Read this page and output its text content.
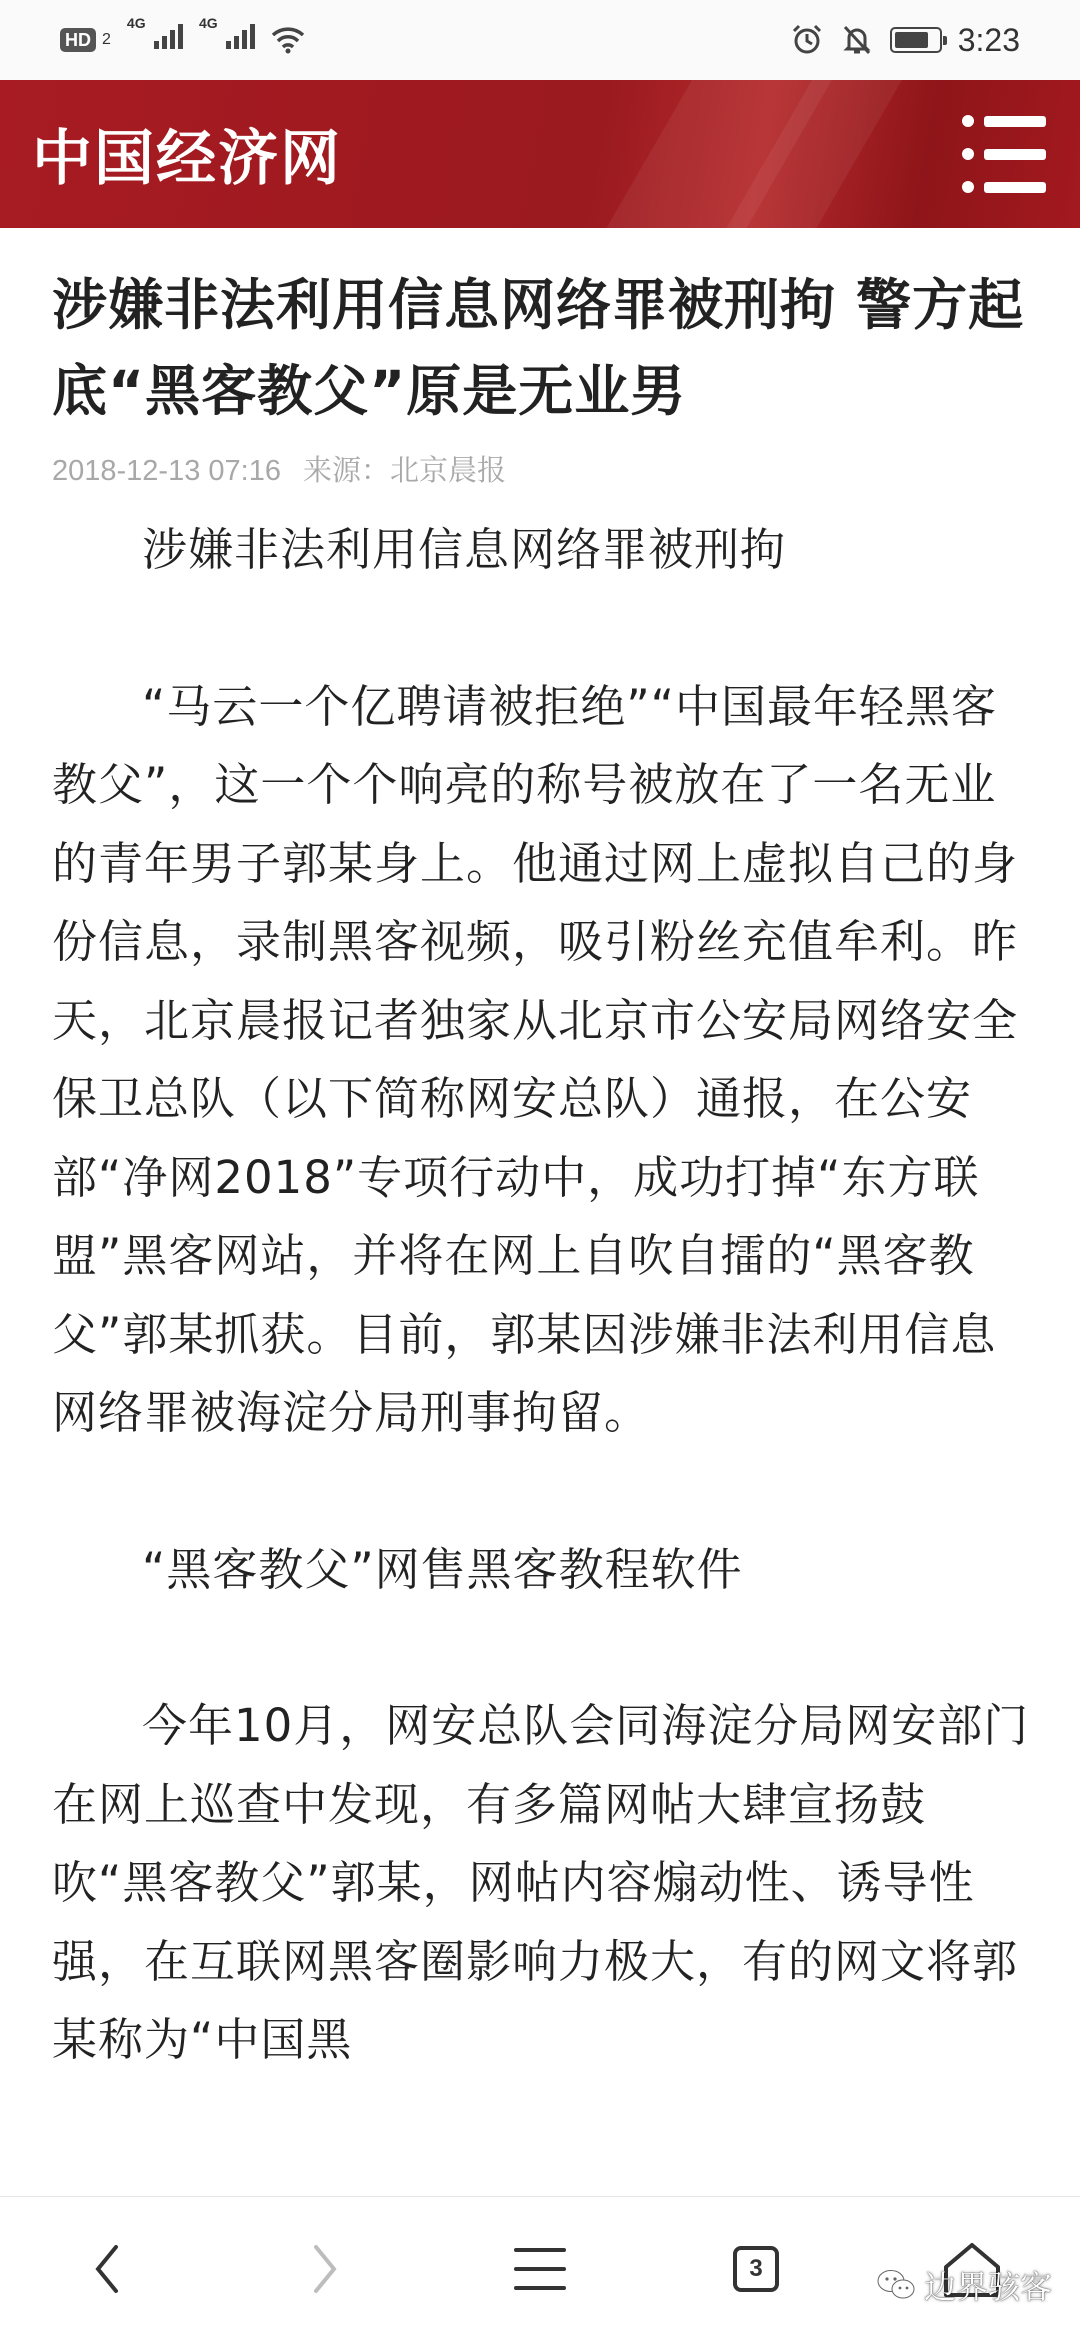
HD 2
$^{4G}$	$^{4G}$	3:23
中国经济网
涉嫌非法利用信息网络罪被刑拘 警方起底“黑客教父”原是无业男
2018-12-13 07:16 来源：北京晨报

涉嫌非法利用信息网络罪被刑拘

“马云一个亿聘请被拒绝”“中国最年轻黑客教父”，这一个个响亮的称号被放在了一名无业的青年男子郭某身上。他通过网上虚拟自己的身份信息，录制黑客视频，吸引粉丝充值牟利。昨天，北京晨报记者独家从北京市公安局网络安全保卫总队（以下简称网安总队）通报，在公安部“净网2018”专项行动中，成功打掉“东方联盟”黑客网站，并将在网上自吹自擂的“黑客教父”郭某抓获。目前，郭某因涉嫌非法利用信息网络罪被海淀分局刑事拘留。

“黑客教父”网售黑客教程软件

今年10月，网安总队会同海淀分局网安部门在网上巡查中发现，有多篇网帖大肆宣扬鼓吹“黑客教父”郭某，网帖内容煽动性、诱导性强，在互联网黑客圈影响力极大，有的网文将郭某称为“中国黑

3	边界骇客
